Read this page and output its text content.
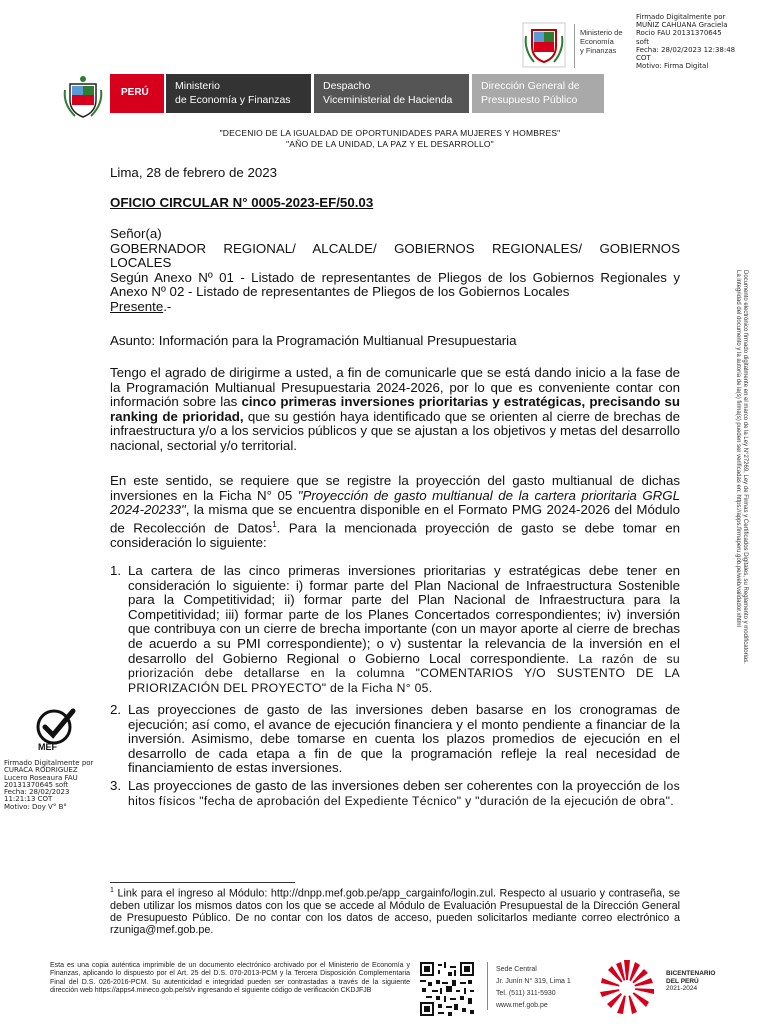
Ministerio de
Economía
y Finanzas
Firmado Digitalmente por
MUÑIZ CAHUANA Graciela
Rocio FAU 20131370645
soft
Fecha: 28/02/2023 12:38:48
COT
Motivo: Firma Digital
PERÚ
Ministerio
de Economía y Finanzas
Despacho
Viceministerial de Hacienda
Dirección General de
Presupuesto Público
"DECENIO DE LA IGUALDAD DE OPORTUNIDADES PARA MUJERES Y HOMBRES"
"AÑO DE LA UNIDAD, LA PAZ Y EL DESARROLLO"
Lima, 28 de febrero de 2023
OFICIO CIRCULAR N° 0005-2023-EF/50.03
Señor(a)
GOBERNADOR REGIONAL/ ALCALDE/ GOBIERNOS REGIONALES/ GOBIERNOS
LOCALES
Según Anexo Nº 01 - Listado de representantes de Pliegos de los Gobiernos Regionales y
Anexo Nº 02 - Listado de representantes de Pliegos de los Gobiernos Locales
Presente.-
Asunto: Información para la Programación Multianual Presupuestaria
Tengo el agrado de dirigirme a usted, a fin de comunicarle que se está dando inicio a la fase de la Programación Multianual Presupuestaria 2024-2026, por lo que es conveniente contar con información sobre las cinco primeras inversiones prioritarias y estratégicas, precisando su ranking de prioridad, que su gestión haya identificado que se orienten al cierre de brechas de infraestructura y/o a los servicios públicos y que se ajustan a los objetivos y metas del desarrollo nacional, sectorial y/o territorial.
En este sentido, se requiere que se registre la proyección del gasto multianual de dichas inversiones en la Ficha N° 05 "Proyección de gasto multianual de la cartera prioritaria GRGL 2024-20233", la misma que se encuentra disponible en el Formato PMG 2024-2026 del Módulo de Recolección de Datos$^1$. Para la mencionada proyección de gasto se debe tomar en consideración lo siguiente:
1. La cartera de las cinco primeras inversiones prioritarias y estratégicas debe tener en consideración lo siguiente: i) formar parte del Plan Nacional de Infraestructura Sostenible para la Competitividad; ii) formar parte del Plan Nacional de Infraestructura para la Competitividad; iii) formar parte de los Planes Concertados correspondientes; iv) inversión que contribuya con un cierre de brecha importante (con un mayor aporte al cierre de brechas de acuerdo a su PMI correspondiente); o v) sustentar la relevancia de la inversión en el desarrollo del Gobierno Regional o Gobierno Local correspondiente. La razón de su priorización debe detallarse en la columna "COMENTARIOS Y/O SUSTENTO DE LA PRIORIZACIÓN DEL PROYECTO" de la Ficha N° 05.
2. Las proyecciones de gasto de las inversiones deben basarse en los cronogramas de ejecución; así como, el avance de ejecución financiera y el monto pendiente a financiar de la inversión. Asimismo, debe tomarse en cuenta los plazos promedios de ejecución en el desarrollo de cada etapa a fin de que la programación refleje la real necesidad de financiamiento de estas inversiones.
3. Las proyecciones de gasto de las inversiones deben ser coherentes con la proyección de los hitos físicos "fecha de aprobación del Expediente Técnico" y "duración de la ejecución de obra".
Documento electrónico firmado digitalmente en el marco de la Ley N°27269, Ley de Firmas y Certificados Digitales, su Reglamento y modificatorias.
La integridad del documento y la autoría de la(s) firma(s) pueden ser verificadas en: https://apps.firmaperu.gob.pe/web/validador.xhtml
MEF
Firmado Digitalmente por
CURACA RODRIGUEZ
Lucero Roseaura FAU
20131370645 soft
Fecha: 28/02/2023
11:21:13 COT
Motivo: Doy V° B°
$^1$ Link para el ingreso al Módulo: http://dnpp.mef.gob.pe/app_cargainfo/login.zul. Respecto al usuario y contraseña, se deben utilizar los mismos datos con los que se accede al Módulo de Evaluación Presupuestal de la Dirección General de Presupuesto Público. De no contar con los datos de acceso, pueden solicitarlos mediante correo electrónico a rzuniga@mef.gob.pe.
Esta es una copia auténtica imprimible de un documento electrónico archivado por el Ministerio de Economía y Finanzas, aplicando lo dispuesto por el Art. 25 del D.S. 070-2013-PCM y la Tercera Disposición Complementaria Final del D.S. 026-2016-PCM. Su autenticidad e integridad pueden ser contrastadas a través de la siguiente dirección web https://apps4.mineco.gob.pe/st/v ingresando el siguiente código de verificación CKDJFJB
Sede Central
Jr. Junín N° 319, Lima 1
Tel. (511) 311-5930
www.mef.gob.pe
BICENTENARIO
DEL PERÚ
2021-2024
